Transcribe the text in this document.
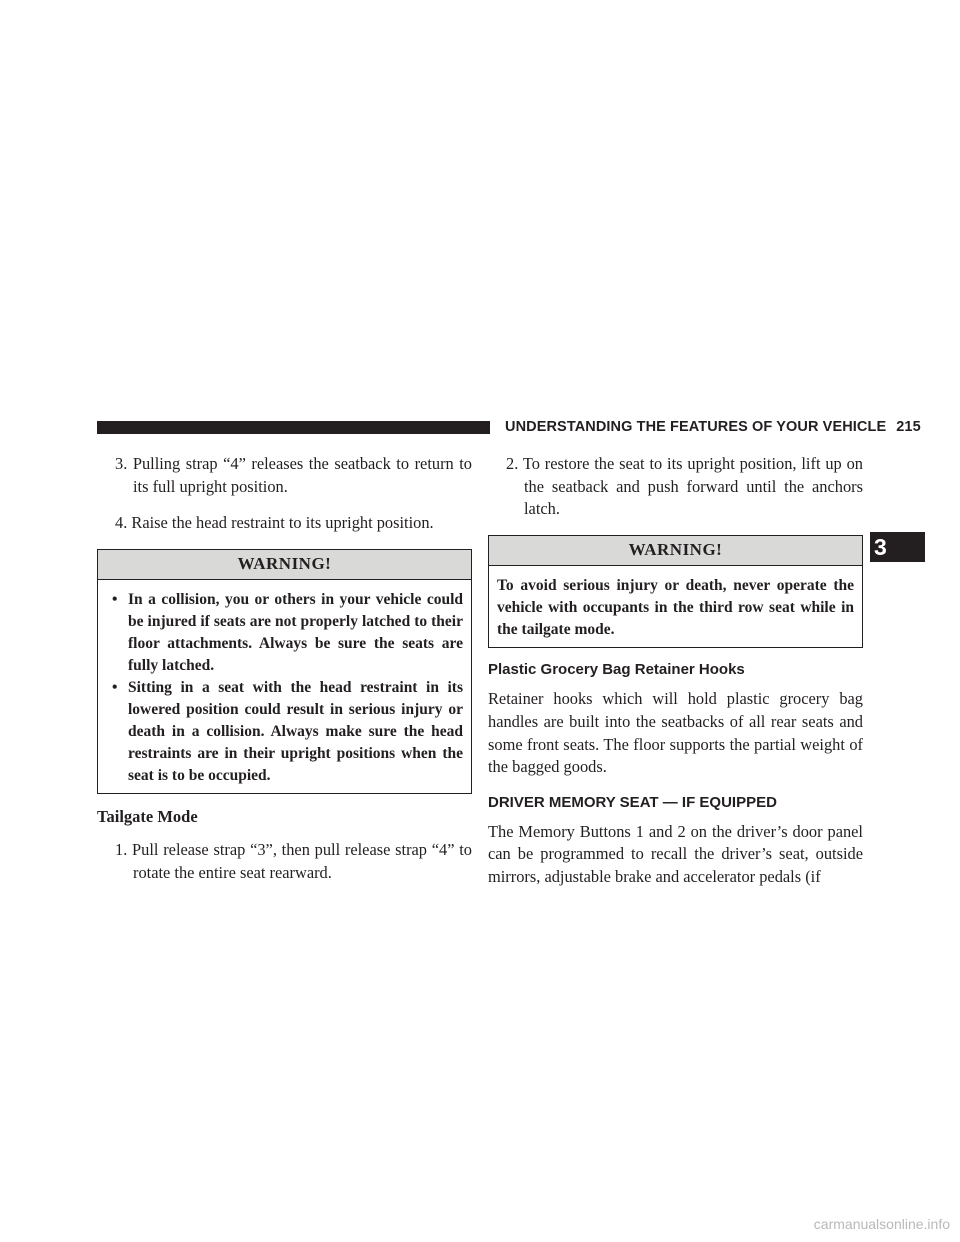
UNDERSTANDING THE FEATURES OF YOUR VEHICLE 215

3. Pulling strap “4” releases the seatback to return to its full upright position.

4. Raise the head restraint to its upright position.

WARNING!
• In a collision, you or others in your vehicle could be injured if seats are not properly latched to their floor attachments. Always be sure the seats are fully latched.
• Sitting in a seat with the head restraint in its lowered position could result in serious injury or death in a collision. Always make sure the head restraints are in their upright positions when the seat is to be occupied.
Tailgate Mode

1. Pull release strap “3”, then pull release strap “4” to rotate the entire seat rearward.

2. To restore the seat to its upright position, lift up on the seatback and push forward until the anchors latch.

WARNING!
To avoid serious injury or death, never operate the vehicle with occupants in the third row seat while in the tailgate mode.
Plastic Grocery Bag Retainer Hooks

Retainer hooks which will hold plastic grocery bag handles are built into the seatbacks of all rear seats and some front seats. The floor supports the partial weight of the bagged goods.

DRIVER MEMORY SEAT — IF EQUIPPED

The Memory Buttons 1 and 2 on the driver’s door panel can be programmed to recall the driver’s seat, outside mirrors, adjustable brake and accelerator pedals (if

3
carmanualsonline.info
